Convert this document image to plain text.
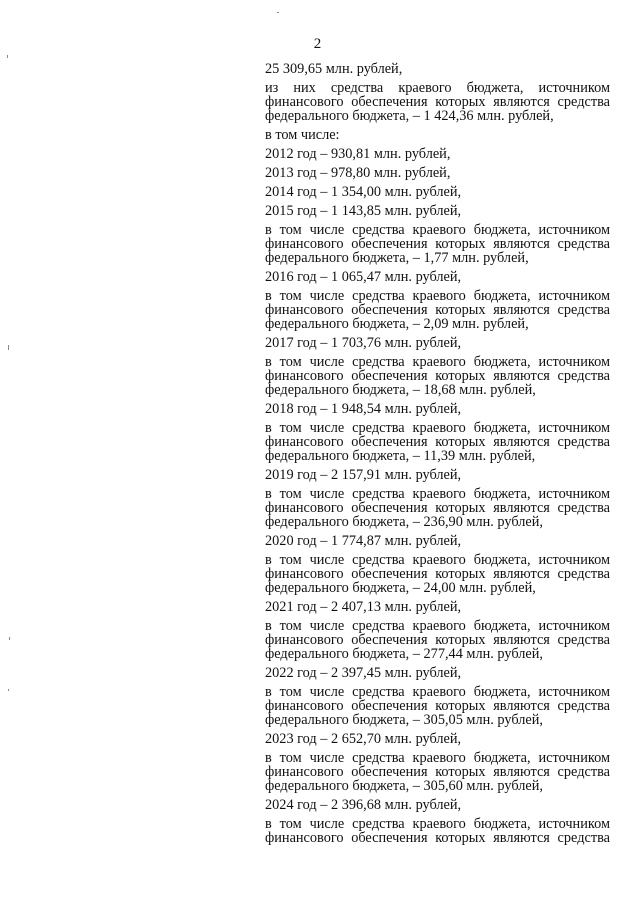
2
25 309,65 млн. рублей,
из них средства краевого бюджета, источником
финансового обеспечения которых являются средства
федерального бюджета, – 1 424,36 млн. рублей,
в том числе:
2012 год – 930,81 млн. рублей,
2013 год – 978,80 млн. рублей,
2014 год – 1 354,00 млн. рублей,
2015 год – 1 143,85 млн. рублей,
в том числе средства краевого бюджета, источником
финансового обеспечения которых являются средства
федерального бюджета, – 1,77 млн. рублей,
2016 год – 1 065,47 млн. рублей,
в том числе средства краевого бюджета, источником
финансового обеспечения которых являются средства
федерального бюджета, – 2,09 млн. рублей,
2017 год – 1 703,76 млн. рублей,
в том числе средства краевого бюджета, источником
финансового обеспечения которых являются средства
федерального бюджета, – 18,68 млн. рублей,
2018 год – 1 948,54 млн. рублей,
в том числе средства краевого бюджета, источником
финансового обеспечения которых являются средства
федерального бюджета, – 11,39 млн. рублей,
2019 год – 2 157,91 млн. рублей,
в том числе средства краевого бюджета, источником
финансового обеспечения которых являются средства
федерального бюджета, – 236,90 млн. рублей,
2020 год – 1 774,87 млн. рублей,
в том числе средства краевого бюджета, источником
финансового обеспечения которых являются средства
федерального бюджета, – 24,00 млн. рублей,
2021 год – 2 407,13 млн. рублей,
в том числе средства краевого бюджета, источником
финансового обеспечения которых являются средства
федерального бюджета, – 277,44 млн. рублей,
2022 год – 2 397,45 млн. рублей,
в том числе средства краевого бюджета, источником
финансового обеспечения которых являются средства
федерального бюджета, – 305,05 млн. рублей,
2023 год – 2 652,70 млн. рублей,
в том числе средства краевого бюджета, источником
финансового обеспечения которых являются средства
федерального бюджета, – 305,60 млн. рублей,
2024 год – 2 396,68 млн. рублей,
в том числе средства краевого бюджета, источником
финансового обеспечения которых являются средства
